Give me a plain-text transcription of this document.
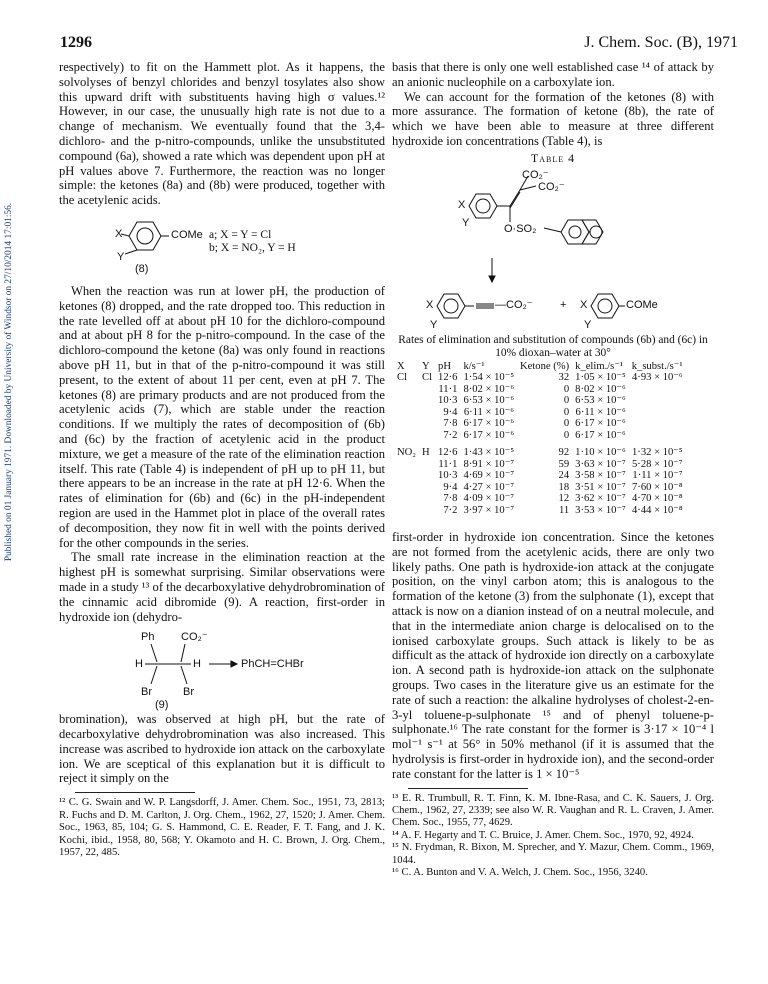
Published on 01 January 1971. Downloaded by University of Windsor on 27/10/2014 17:01:56.
1296	J. Chem. Soc. (B), 1971

respectively) to fit on the Hammett plot. As it happens, the solvolyses of benzyl chlorides and benzyl tosylates also show this upward drift with substituents having high σ values.¹² However, in our case, the unusually high rate is not due to a change of mechanism. We eventually found that the 3,4-dichloro- and the p-nitro-compounds, unlike the unsubstituted compound (6a), showed a rate which was dependent upon pH at pH values above 7. Furthermore, the reaction was no longer simple: the ketones (8a) and (8b) were produced, together with the acetylenic acids.

X
Y
COMe a; X = Y = Cl
b; X = NO₂, Y = H
(8)

When the reaction was run at lower pH, the production of ketones (8) dropped, and the rate dropped too. This reduction in the rate levelled off at about pH 10 for the dichloro-compound and at about pH 8 for the p-nitro-compound. In the case of the dichloro-compound the ketone (8a) was only found in reactions above pH 11, but in that of the p-nitro-compound it was still present, to the extent of about 11 per cent, even at pH 7. The ketones (8) are primary products and are not produced from the acetylenic acids (7), which are stable under the reaction conditions. If we multiply the rates of decomposition of (6b) and (6c) by the fraction of acetylenic acid in the product mixture, we get a measure of the rate of the elimination reaction itself. This rate (Table 4) is independent of pH up to pH 11, but there appears to be an increase in the rate at pH 12·6. When the rates of elimination for (6b) and (6c) in the pH-independent region are used in the Hammet plot in place of the overall rates of decomposition, they now fit in well with the points derived for the other compounds in the series.

The small rate increase in the elimination reaction at the highest pH is somewhat surprising. Similar observations were made in a study ¹³ of the decarboxylative dehydrobromination of the cinnamic acid dibromide (9). A reaction, first-order in hydroxide ion (dehydro-

Ph CO₂⁻
H	H
Br	Br
PhCH=CHBr
(9)

bromination), was observed at high pH, but the rate of decarboxylative dehydrobromination was also increased. This increase was ascribed to hydroxide ion attack on the carboxylate ion. We are sceptical of this explanation but it is difficult to reject it simply on the

¹² C. G. Swain and W. P. Langsdorff, J. Amer. Chem. Soc., 1951, 73, 2813; R. Fuchs and D. M. Carlton, J. Org. Chem., 1962, 27, 1520; J. Amer. Chem. Soc., 1963, 85, 104; G. S. Hammond, C. E. Reader, F. T. Fang, and J. K. Kochi, ibid., 1958, 80, 568; Y. Okamoto and H. C. Brown, J. Org. Chem., 1957, 22, 485.

basis that there is only one well established case ¹⁴ of attack by an anionic nucleophile on a carboxylate ion.

We can account for the formation of the ketones (8) with more assurance. The formation of ketone (8b), the rate of which we have been able to measure at three different hydroxide ion concentrations (Table 4), is

Table 4
CO₂⁻
CO₂⁻
X
Y	O·SO₂
X
Y
—CO₂⁻ + X
Y
COMe

Rates of elimination and substitution of compounds (6b) and (6c) in 10% dioxan–water at 30°

X	Y	pH	k/s⁻¹	Ketone (%)	k_elim./s⁻¹	k_subst./s⁻¹
Cl	Cl	12·6	1·54 × 10⁻⁵	32	1·05 × 10⁻⁵	4·93 × 10⁻⁶
		11·1	8·02 × 10⁻⁶	0	8·02 × 10⁻⁶	
		10·3	6·53 × 10⁻⁶	0	6·53 × 10⁻⁶	
		9·4	6·11 × 10⁻⁶	0	6·11 × 10⁻⁶	
		7·8	6·17 × 10⁻⁶	0	6·17 × 10⁻⁶	
		7·2	6·17 × 10⁻⁶	0	6·17 × 10⁻⁶	
NO₂	H	12·6	1·43 × 10⁻⁵	92	1·10 × 10⁻⁶	1·32 × 10⁻⁵
		11·1	8·91 × 10⁻⁷	59	3·63 × 10⁻⁷	5·28 × 10⁻⁷
		10·3	4·69 × 10⁻⁷	24	3·58 × 10⁻⁷	1·11 × 10⁻⁷
		9·4	4·27 × 10⁻⁷	18	3·51 × 10⁻⁷	7·60 × 10⁻⁸
		7·8	4·09 × 10⁻⁷	12	3·62 × 10⁻⁷	4·70 × 10⁻⁸
		7·2	3·97 × 10⁻⁷	11	3·53 × 10⁻⁷	4·44 × 10⁻⁸

first-order in hydroxide ion concentration. Since the ketones are not formed from the acetylenic acids, there are only two likely paths. One path is hydroxide-ion attack at the conjugate position, on the vinyl carbon atom; this is analogous to the formation of the ketone (3) from the sulphonate (1), except that attack is now on a dianion instead of on a neutral molecule, and that in the intermediate anion charge is delocalised on to the ionised carboxylate groups. Such attack is likely to be as difficult as the attack of hydroxide ion directly on a carboxylate ion. A second path is hydroxide-ion attack on the sulphonate groups. Two cases in the literature give us an estimate for the rate of such a reaction: the alkaline hydrolyses of cholest-2-en-3-yl toluene-p-sulphonate ¹⁵ and of phenyl toluene-p-sulphonate.¹⁶ The rate constant for the former is 3·17 × 10⁻⁴ l mol⁻¹ s⁻¹ at 56° in 50% methanol (if it is assumed that the hydrolysis is first-order in hydroxide ion), and the second-order rate constant for the latter is 1 × 10⁻⁵

¹³ E. R. Trumbull, R. T. Finn, K. M. Ibne-Rasa, and C. K. Sauers, J. Org. Chem., 1962, 27, 2339; see also W. R. Vaughan and R. L. Craven, J. Amer. Chem. Soc., 1955, 77, 4629.

¹⁴ A. F. Hegarty and T. C. Bruice, J. Amer. Chem. Soc., 1970, 92, 4924.

¹⁵ N. Frydman, R. Bixon, M. Sprecher, and Y. Mazur, Chem. Comm., 1969, 1044.

¹⁶ C. A. Bunton and V. A. Welch, J. Chem. Soc., 1956, 3240.
